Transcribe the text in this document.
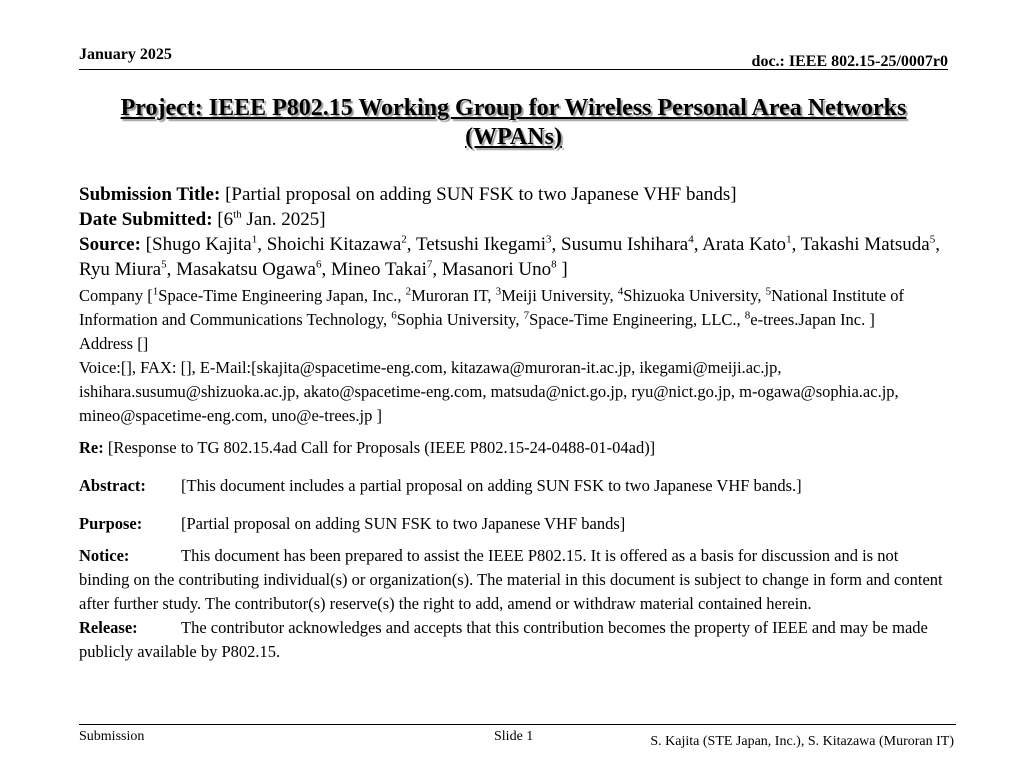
January 2025	doc.: IEEE 802.15-25/0007r0
Project: IEEE P802.15 Working Group for Wireless Personal Area Networks
(WPANs)
Submission Title: [Partial proposal on adding SUN FSK to two Japanese VHF bands]
Date Submitted: [6th Jan. 2025]
Source: [Shugo Kajita$^1$, Shoichi Kitazawa$^2$, Tetsushi Ikegami$^3$, Susumu Ishihara$^4$, Arata Kato$^1$, Takashi Matsuda$^5$, Ryu Miura$^5$, Masakatsu Ogawa$^6$, Mineo Takai$^7$, Masanori Uno$^8$ ]
Company [$^1$Space-Time Engineering Japan, Inc., $^2$Muroran IT, $^3$Meiji University, $^4$Shizuoka University, $^5$National Institute of Information and Communications Technology, $^6$Sophia University, $^7$Space-Time Engineering, LLC., $^8$e-trees.Japan Inc. ]
Address []
Voice:[], FAX: [], E-Mail:[skajita@spacetime-eng.com, kitazawa@muroran-it.ac.jp, ikegami@meiji.ac.jp, ishihara.susumu@shizuoka.ac.jp, akato@spacetime-eng.com, matsuda@nict.go.jp, ryu@nict.go.jp, m-ogawa@sophia.ac.jp, mineo@spacetime-eng.com, uno@e-trees.jp ]
Re: [Response to TG 802.15.4ad Call for Proposals (IEEE P802.15-24-0488-01-04ad)]
Abstract:	[This document includes a partial proposal on adding SUN FSK to two Japanese VHF bands.]
Purpose:	[Partial proposal on adding SUN FSK to two Japanese VHF bands]
Notice:	This document has been prepared to assist the IEEE P802.15. It is offered as a basis for discussion and is not binding on the contributing individual(s) or organization(s). The material in this document is subject to change in form and content after further study. The contributor(s) reserve(s) the right to add, amend or withdraw material contained herein.
Release:	The contributor acknowledges and accepts that this contribution becomes the property of IEEE and may be made publicly available by P802.15.
Submission	Slide 1	S. Kajita (STE Japan, Inc.), S. Kitazawa (Muroran IT)
